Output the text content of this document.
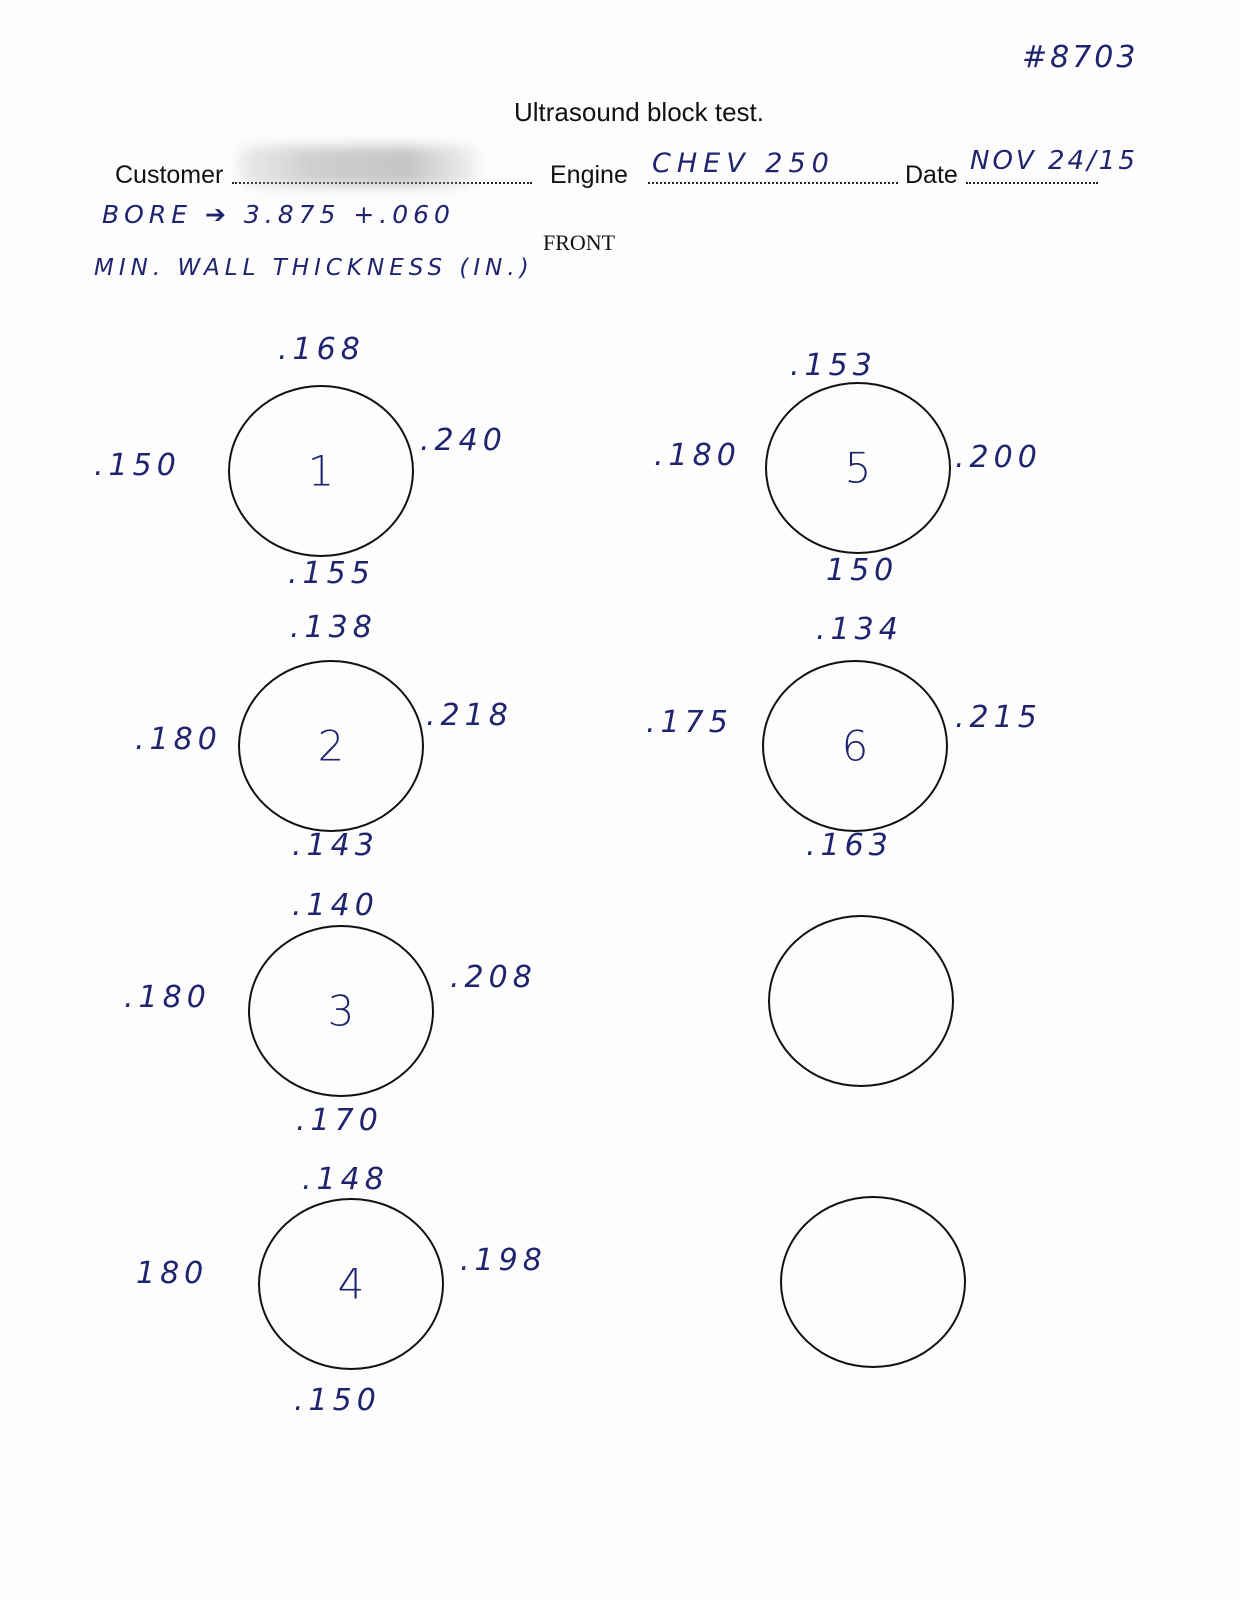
#8703
Ultrasound block test.
Customer	Engine CHEV 250	Date NOV 24/15
BORE ➔ 3.875 +.060
MIN. WALL THICKNESS (IN.)
FRONT
.168
.150	1
.240
.155
.138
.180	2
.218
.143
.140
.180	3
.208
.170
.148
180	4	.198
.150
.153
.180	5	.200
150
.134
.175	6
.215
.163
